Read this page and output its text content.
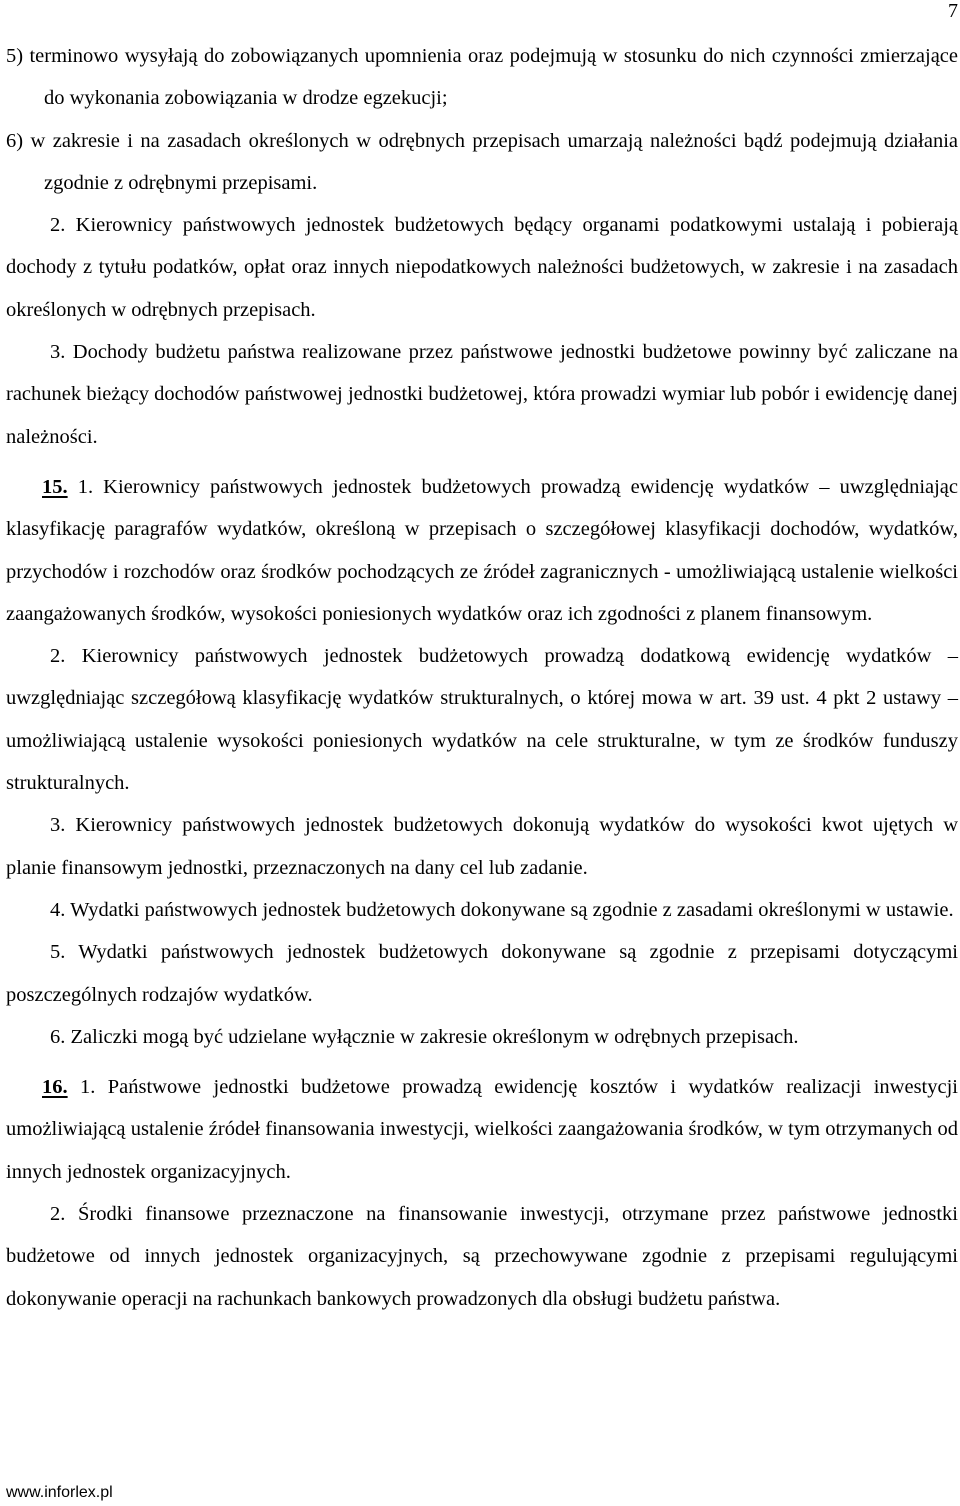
7

5) terminowo wysyłają do zobowiązanych upomnienia oraz podejmują w stosunku do nich czynności zmierzające do wykonania zobowiązania w drodze egzekucji;

6) w zakresie i na zasadach określonych w odrębnych przepisach umarzają należności bądź podejmują działania zgodnie z odrębnymi przepisami.

2. Kierownicy państwowych jednostek budżetowych będący organami podatkowymi ustalają i pobierają dochody z tytułu podatków, opłat oraz innych niepodatkowych należności budżetowych, w zakresie i na zasadach określonych w odrębnych przepisach.

3. Dochody budżetu państwa realizowane przez państwowe jednostki budżetowe powinny być zaliczane na rachunek bieżący dochodów państwowej jednostki budżetowej, która prowadzi wymiar lub pobór i ewidencję danej należności.

15. 1. Kierownicy państwowych jednostek budżetowych prowadzą ewidencję wydatków – uwzględniając klasyfikację paragrafów wydatków, określoną w przepisach o szczegółowej klasyfikacji dochodów, wydatków, przychodów i rozchodów oraz środków pochodzących ze źródeł zagranicznych - umożliwiającą ustalenie wielkości zaangażowanych środków, wysokości poniesionych wydatków oraz ich zgodności z planem finansowym.

2. Kierownicy państwowych jednostek budżetowych prowadzą dodatkową ewidencję wydatków – uwzględniając szczegółową klasyfikację wydatków strukturalnych, o której mowa w art. 39 ust. 4 pkt 2 ustawy – umożliwiającą ustalenie wysokości poniesionych wydatków na cele strukturalne, w tym ze środków funduszy strukturalnych.

3. Kierownicy państwowych jednostek budżetowych dokonują wydatków do wysokości kwot ujętych w planie finansowym jednostki, przeznaczonych na dany cel lub zadanie.

4. Wydatki państwowych jednostek budżetowych dokonywane są zgodnie z zasadami określonymi w ustawie.

5. Wydatki państwowych jednostek budżetowych dokonywane są zgodnie z przepisami dotyczącymi poszczególnych rodzajów wydatków.

6. Zaliczki mogą być udzielane wyłącznie w zakresie określonym w odrębnych przepisach.

16. 1. Państwowe jednostki budżetowe prowadzą ewidencję kosztów i wydatków realizacji inwestycji umożliwiającą ustalenie źródeł finansowania inwestycji, wielkości zaangażowania środków, w tym otrzymanych od innych jednostek organizacyjnych.

2. Środki finansowe przeznaczone na finansowanie inwestycji, otrzymane przez państwowe jednostki budżetowe od innych jednostek organizacyjnych, są przechowywane zgodnie z przepisami regulującymi dokonywanie operacji na rachunkach bankowych prowadzonych dla obsługi budżetu państwa.

www.inforlex.pl
